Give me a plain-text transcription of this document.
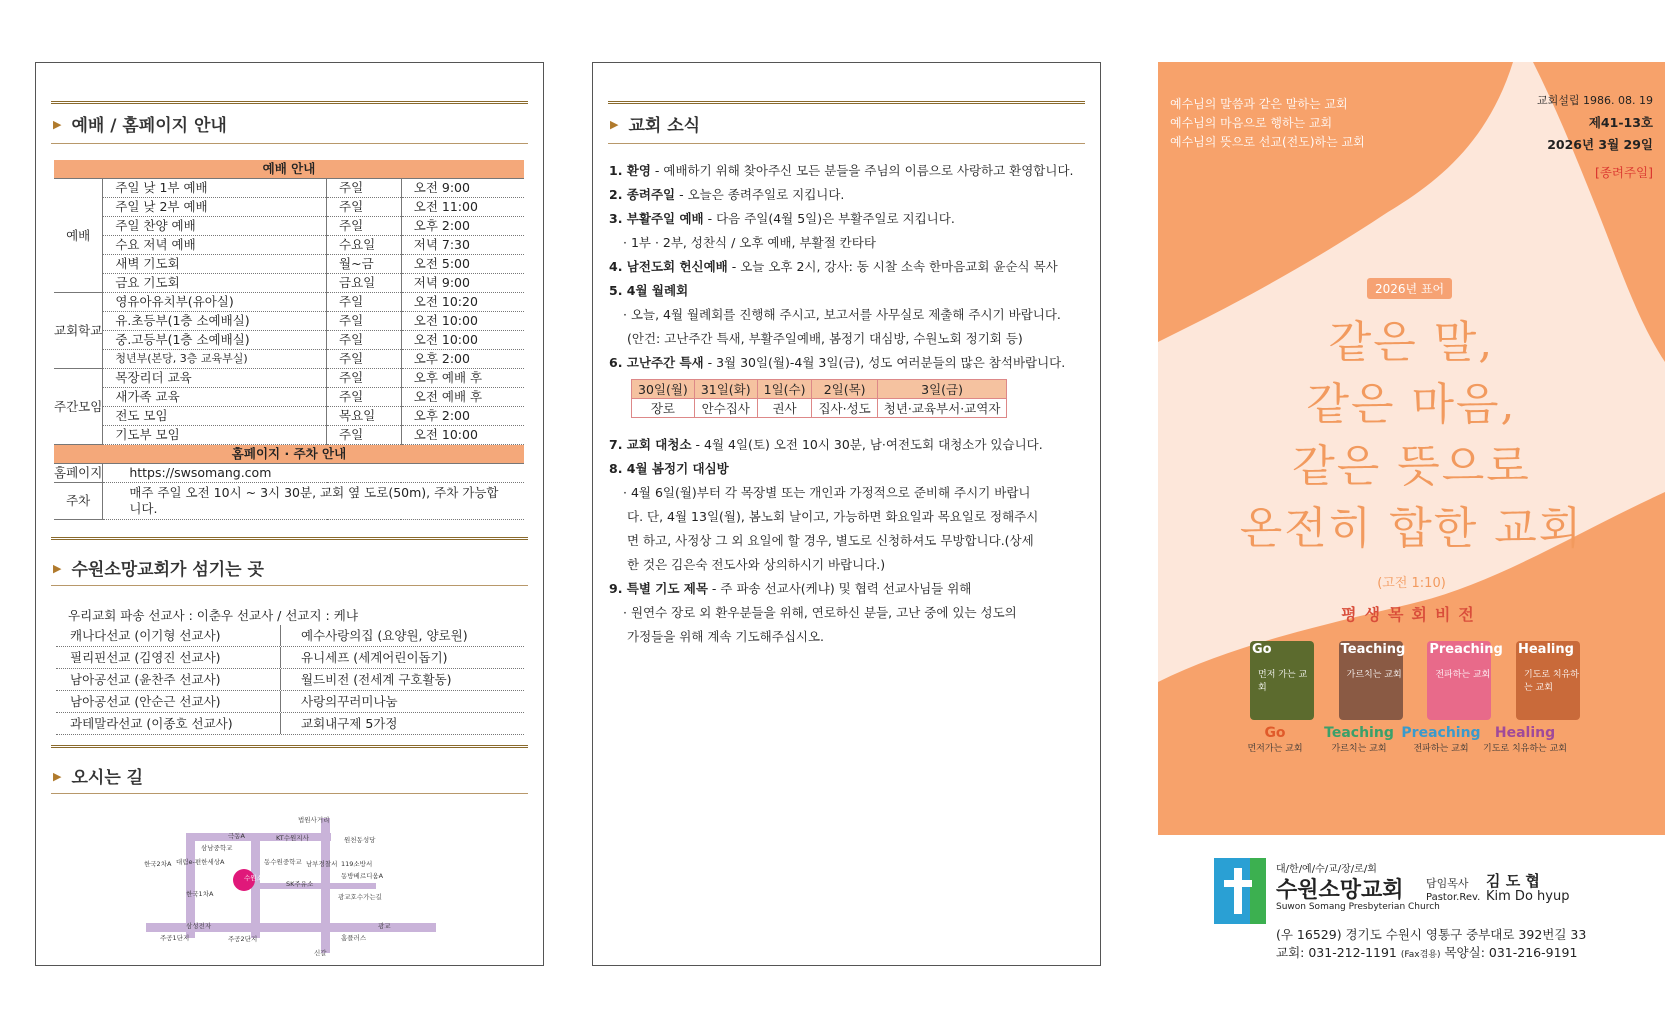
▶ 예배 / 홈페이지 안내
예배 안내			
예배	주일 낮 1부 예배	주일	오전 9:00
	주일 낮 2부 예배	주일	오전 11:00
	주일 찬양 예배	주일	오후 2:00
	수요 저녁 예배	수요일	저녁 7:30
	새벽 기도회	월~금	오전 5:00
	금요 기도회	금요일	저녁 9:00
교회학교	영유아유치부(유아실)	주일	오전 10:20
	유.초등부(1층 소예배실)	주일	오전 10:00
	중.고등부(1층 소예배실)	주일	오전 10:00
	청년부(본당, 3층 교육부실)	주일	오후 2:00
주간모임	목장리더 교육	주일	오후 예배 후
	새가족 교육	주일	오전 예배 후
	전도 모임	목요일	오후 2:00
	기도부 모임	주일	오전 10:00
홈페이지 · 주차 안내			
홈페이지	https://swsomang.com		
주차	매주 주일 오전 10시 ~ 3시 30분, 교회 옆 도로(50m), 주차 가능합니다.		
▶ 수원소망교회가 섬기는 곳
우리교회 파송 선교사 : 이춘우 선교사 / 선교지 : 케냐
캐나다선교 (이기형 선교사)	예수사랑의집 (요양원, 양로원)
필리핀선교 (김영진 선교사)	유니세프 (세계어린이돕기)
남아공선교 (윤찬주 선교사)	월드비전 (전세계 구호활동)
남아공선교 (안순근 선교사)	사랑의꾸러미나눔
과테말라선교 (이종호 선교사)	교회내구제 5가정
▶ 오시는 길
법원사거리
삼남중학교
극동A	KT수원지사	원천동성당
한국2차A 대림e-편한세상A	동수원중학교 남부경찰서 119소방서
동방베르디움A
한국1차A
수원소망교회
SK주유소
광교호수가는길
삼성전자
주공1단지	주공2단지	홈플러스
광교
신갈
▶ 교회 소식
1. 환영 - 예배하기 위해 찾아주신 모든 분들을 주님의 이름으로 사랑하고 환영합니다.
2. 종려주일 - 오늘은 종려주일로 지킵니다.
3. 부활주일 예배 - 다음 주일(4월 5일)은 부활주일로 지킵니다.
· 1부 · 2부, 성찬식 / 오후 예배, 부활절 칸타타
4. 남전도회 헌신예배 - 오늘 오후 2시, 강사: 동 시찰 소속 한마음교회 윤순식 목사
5. 4월 월례회
· 오늘, 4월 월례회를 진행해 주시고, 보고서를 사무실로 제출해 주시기 바랍니다.
(안건: 고난주간 특새, 부활주일예배, 봄정기 대심방, 수원노회 정기회 등)
6. 고난주간 특새 - 3월 30일(월)-4월 3일(금), 성도 여러분들의 많은 참석바랍니다.
30일(월)	31일(화)	1일(수)	2일(목)	3일(금)
장로	안수집사	권사	집사·성도	청년·교육부서·교역자
7. 교회 대청소 - 4월 4일(토) 오전 10시 30분, 남·여전도회 대청소가 있습니다.
8. 4월 봄정기 대심방
· 4월 6일(월)부터 각 목장별 또는 개인과 가정적으로 준비해 주시기 바랍니
다. 단, 4월 13일(월), 봄노회 날이고, 가능하면 화요일과 목요일로 정해주시
면 하고, 사정상 그 외 요일에 할 경우, 별도로 신청하셔도 무방합니다.(상세
한 것은 김은숙 전도사와 상의하시기 바랍니다.)
9. 특별 기도 제목 - 주 파송 선교사(케냐) 및 협력 선교사님들 위해
· 원연수 장로 외 환우분들을 위해, 연로하신 분들, 고난 중에 있는 성도의
가정들을 위해 계속 기도해주십시오.
예수님의 말씀과 같은 말하는 교회
예수님의 마음으로 행하는 교회
예수님의 뜻으로 선교(전도)하는 교회
교회설립 1986. 08. 19
제41-13호
2026년 3월 29일
[종려주일]
2026년 표어
같은 말,
같은 마음,
같은 뜻으로
온전히 합한 교회
(고전 1:10)
평생목회비전
Go
먼저 가는 교회
Teaching
가르치는 교회
Preaching
전파하는 교회
Healing
기도로 치유하는 교회
Go
먼저가는 교회
Teaching
가르치는 교회
Preaching
전파하는 교회
Healing
기도로 치유하는 교회
대/한/예/수/교/장/로/회
수원소망교회
Suwon Somang Presbyterian Church
담임목사 김 도 협
Pastor.Rev. Kim Do hyup
(우 16529) 경기도 수원시 영통구 중부대로 392번길 33
교회: 031-212-1191 (Fax겸용) 목양실: 031-216-9191
